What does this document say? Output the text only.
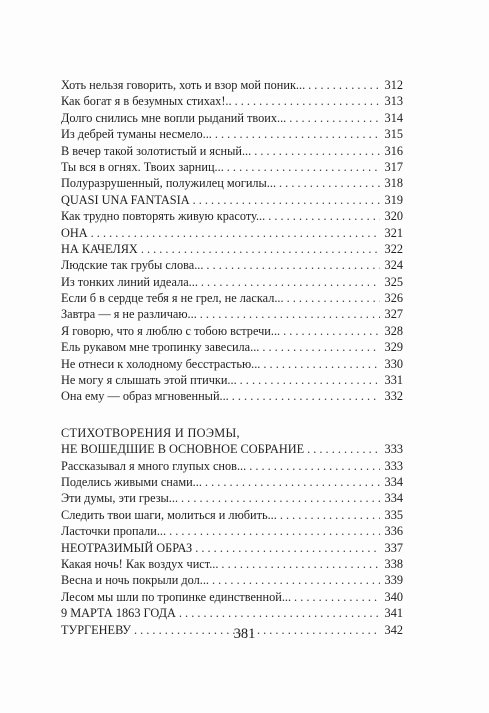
Хоть нельзя говорить, хоть и взор мой поник... . . .	312
Как богат я в безумных стихах!.. . . .	313
Долго снились мне вопли рыданий твоих... . . .	314
Из дебрей туманы несмело... . . .	315
В вечер такой золотистый и ясный... . . .	316
Ты вся в огнях. Твоих зарниц... . . .	317
Полуразрушенный, полужилец могилы... . . .	318
QUASI UNA FANTASIA . . .	319
Как трудно повторять живую красоту... . . .	320
ОНА . . .	321
НА КАЧЕЛЯХ . . .	322
Людские так грубы слова... . . .	324
Из тонких линий идеала... . . .	325
Если б в сердце тебя я не грел, не ласкал... . . .	326
Завтра — я не различаю... . . .	327
Я говорю, что я люблю с тобою встречи... . . .	328
Ель рукавом мне тропинку завесила... . . .	329
Не отнеси к холодному бесстрастью... . . .	330
Не могу я слышать этой птички... . . .	331
Она ему — образ мгновенный... . . .	332
СТИХОТВОРЕНИЯ И ПОЭМЫ,
НЕ ВОШЕДШИЕ В ОСНОВНОЕ СОБРАНИЕ . . .	333
Рассказывал я много глупых снов... . . .	333
Поделись живыми снами... . . .	334
Эти думы, эти грезы... . . .	334
Следить твои шаги, молиться и любить... . . .	335
Ласточки пропали... . . .	336
НЕОТРАЗИМЫЙ ОБРАЗ . . .	337
Какая ночь! Как воздух чист... . . .	338
Весна и ночь покрыли дол... . . .	339
Лесом мы шли по тропинке единственной... . . .	340
9 МАРТА 1863 ГОДА . . .	341
ТУРГЕНЕВУ . . .	342
381
